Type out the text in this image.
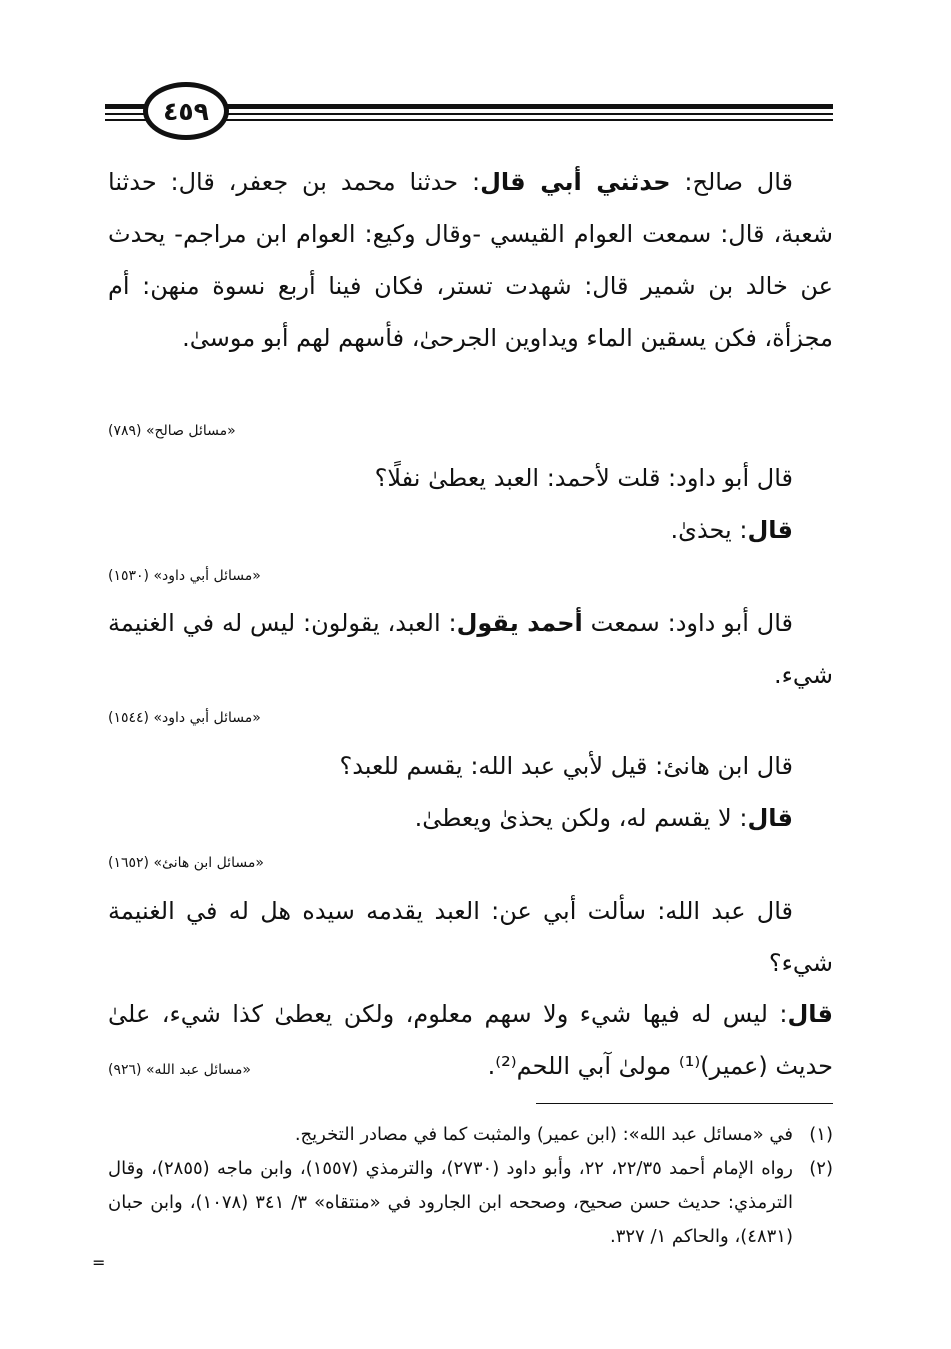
٤٥٩

قال صالح: حدثني أبي قال: حدثنا محمد بن جعفر، قال: حدثنا شعبة، قال: سمعت العوام القيسي -وقال وكيع: العوام ابن مراجم- يحدث عن خالد بن شمير قال: شهدت تستر، فكان فينا أربع نسوة منهن: أم مجزأة، فكن يسقين الماء ويداوين الجرحىٰ، فأسهم لهم أبو موسىٰ.

«مسائل صالح» (٧٨٩)

قال أبو داود: قلت لأحمد: العبد يعطىٰ نفلًا؟

قال: يحذىٰ.

«مسائل أبي داود» (١٥٣٠)

قال أبو داود: سمعت أحمد يقول: العبد، يقولون: ليس له في الغنيمة شيء.

«مسائل أبي داود» (١٥٤٤)

قال ابن هانئ: قيل لأبي عبد الله: يقسم للعبد؟

قال: لا يقسم له، ولكن يحذىٰ ويعطىٰ.

«مسائل ابن هانئ» (١٦٥٢)

قال عبد الله: سألت أبي عن: العبد يقدمه سيده هل له في الغنيمة شيء؟

قال: ليس له فيها شيء ولا سهم معلوم، ولكن يعطىٰ كذا شيء، علىٰ حديث (عمير)⁽¹⁾ مولىٰ آبي اللحم⁽²⁾.
«مسائل عبد الله» (٩٢٦)

(١)
في «مسائل عبد الله»: (ابن عمير) والمثبت كما في مصادر التخريج.

(٢)
رواه الإمام أحمد ٢٢/٣٥، ٢٢، وأبو داود (٢٧٣٠)، والترمذي (١٥٥٧)، وابن ماجه (٢٨٥٥)، وقال الترمذي: حديث حسن صحيح، وصححه ابن الجارود في «منتقاه» ٣/ ٣٤١ (١٠٧٨)، وابن حبان (٤٨٣١)، والحاكم ١/ ٣٢٧.

=
